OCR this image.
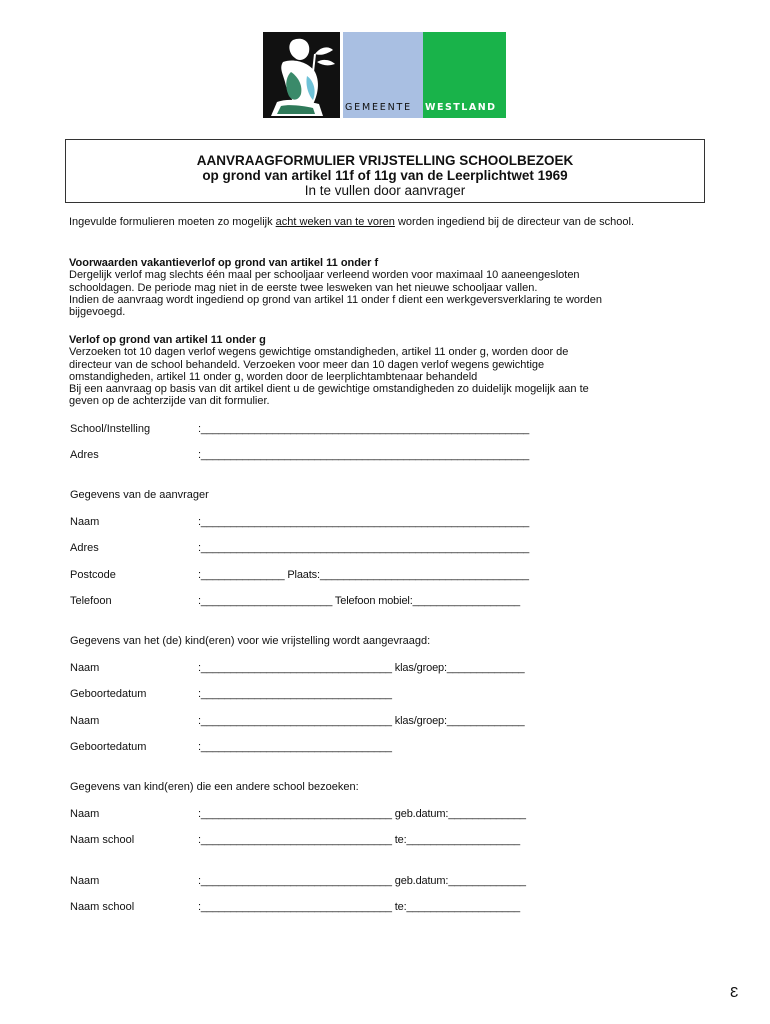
GEMEENTE WESTLAND
AANVRAAGFORMULIER VRIJSTELLING SCHOOLBEZOEK
op grond van artikel 11f of 11g van de Leerplichtwet 1969
In te vullen door aanvrager
Ingevulde formulieren moeten zo mogelijk acht weken van te voren worden ingediend bij de directeur van de school.
Voorwaarden vakantieverlof op grond van artikel 11 onder f
Dergelijk verlof mag slechts één maal per schooljaar verleend worden voor maximaal 10 aaneengesloten
schooldagen. De periode mag niet in de eerste twee lesweken van het nieuwe schooljaar vallen.
Indien de aanvraag wordt ingediend op grond van artikel 11 onder f dient een werkgeversverklaring te worden
bijgevoegd.
Verlof op grond van artikel 11 onder g
Verzoeken tot 10 dagen verlof wegens gewichtige omstandigheden, artikel 11 onder g, worden door de
directeur van de school behandeld. Verzoeken voor meer dan 10 dagen verlof wegens gewichtige
omstandigheden, artikel 11 onder g, worden door de leerplichtambtenaar behandeld
Bij een aanvraag op basis van dit artikel dient u de gewichtige omstandigheden zo duidelijk mogelijk aan te
geven op de achterzijde van dit formulier.
School/Instelling	:_______________________________________________________
Adres	:_______________________________________________________
Gegevens van de aanvrager
Naam	:_______________________________________________________
Adres	:_______________________________________________________
Postcode	:______________ Plaats:___________________________________
Telefoon	:______________________ Telefoon mobiel:__________________
Gegevens van het (de) kind(eren) voor wie vrijstelling wordt aangevraagd:
Naam	:________________________________ klas/groep:_____________
Geboortedatum	:________________________________
Naam	:________________________________ klas/groep:_____________
Geboortedatum	:________________________________
Gegevens van kind(eren) die een andere school bezoeken:
Naam	:________________________________ geb.datum:_____________
Naam school	:________________________________ te:___________________
Naam	:________________________________ geb.datum:_____________
Naam school	:________________________________ te:___________________
3
